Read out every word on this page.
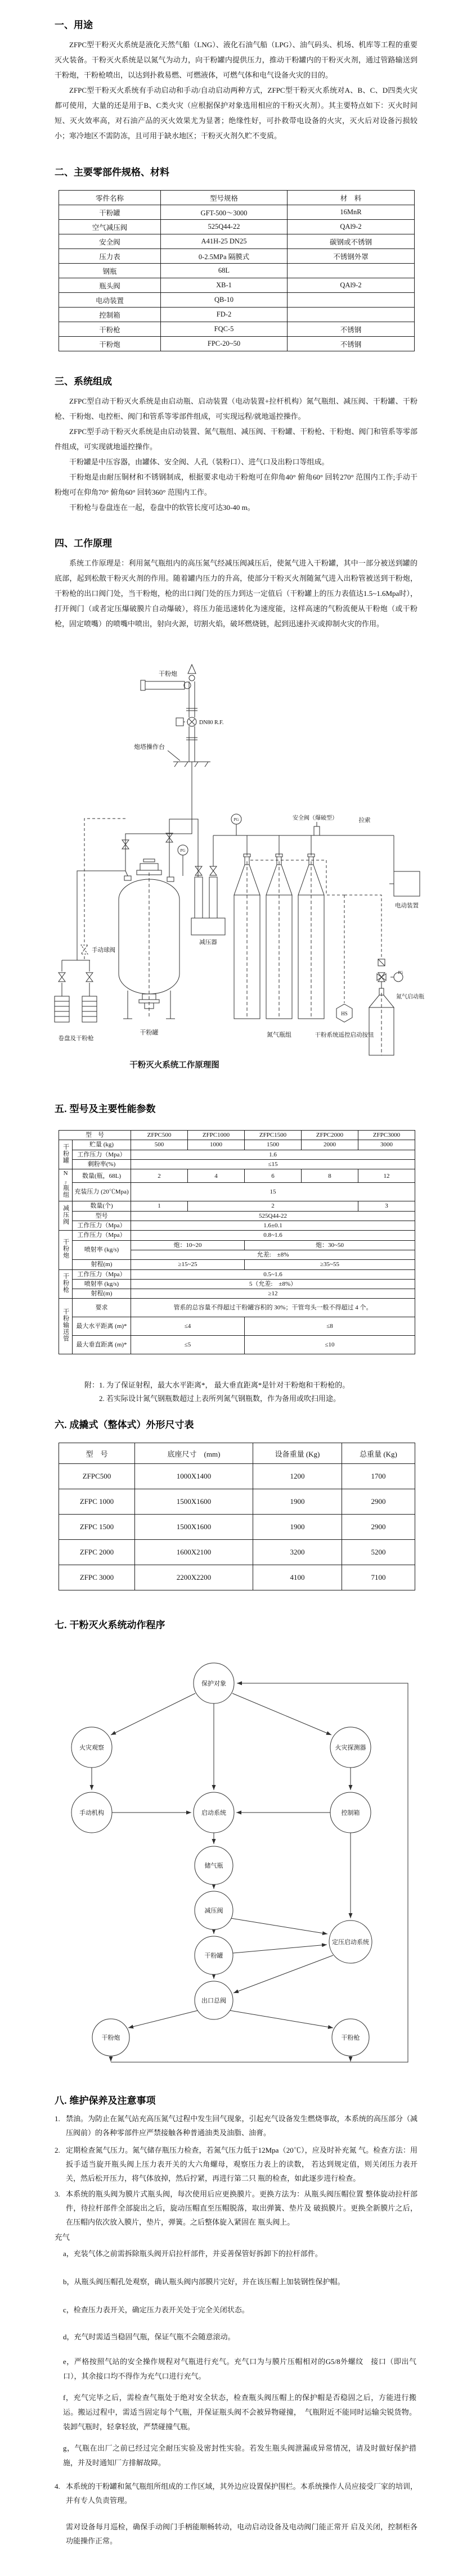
一、用途
ZFPC型干粉灭火系统是液化天然气船（LNG）、液化石油气船（LPG）、油气码头、机场、机库等工程的重要灭火装备。干粉灭火系统是以氮气为动力，向干粉罐内提供压力，推动干粉罐内的干粉灭火剂，通过管路输送到干粉炮，干粉枪喷出，以达到扑救易燃、可燃液体，可燃气体和电气设备火灾的目的。
ZFPC型干粉灭火系统有手动启动和手动/自动启动两种方式，ZFPC型干粉灭火系统对A、B、C、D四类火灾都可使用，大量的还是用于B、C类火灾（应根据保护对象选用相应的干粉灭火剂）。其主要特点如下：灭火时间短、灭火效率高，对石油产品的灭火效果尤为显著；绝缘性好，可扑救带电设备的火灾，灭火后对设备污损较小；寒冷地区不需防冻，且可用于缺水地区；干粉灭火剂久贮不变质。
二、主要零部件规格、材料
零件名称	型号规格	材　料
干粉罐	GFT-500～3000	16MnR
空气减压阀	525Q44-22	QAl9-2
安全阀	A41H-25 DN25	碳钢或不锈钢
压力表	0-2.5MPa 隔膜式	不锈钢外罩
钢瓶	68L	
瓶头阀	XB-1	QAl9-2
电动装置	QB-10	
控制箱	FD-2	
干粉枪	FQC-5	不锈钢
干粉炮	FPC-20~50	不锈钢
三、系统组成
ZFPC型自动干粉灭火系统是由启动瓶、启动装置（电动装置+拉杆机构）氮气瓶组、减压阀、干粉罐、干粉枪、干粉炮、电控柜、阀门和管系等零部件组成，可实现远程/就地遥控操作。
ZFPC型手动干粉灭火系统是由启动装置、氮气瓶组、减压阀、干粉罐、干粉枪、干粉炮、阀门和管系等零部件组成，可实现就地遥控操作。
干粉罐是中压容器，由罐体、安全阀、人孔（装粉口）、进气口及出粉口等组成。
干粉炮是由耐压铜材和不锈钢制成，根据要求电动干粉炮可在仰角40° 俯角60° 回转270° 范围内工作;手动干粉炮可在仰角70° 俯角60° 回转360° 范围内工作。
干粉枪与卷盘连在一起，卷盘中的软管长度可达30-40 m。
四、工作原理
系统工作原理是：利用氮气瓶组内的高压氮气经减压阀减压后，使氮气进入干粉罐，其中一部分被送到罐的底部，起到松散干粉灭火剂的作用。随着罐内压力的升高，使部分干粉灭火剂随氮气进入出粉管被送到干粉炮，干粉枪的出口阀门处，当干粉炮，枪的出口阀门处的压力到达一定值后（干粉罐上的压力表值达1.5~1.6Mpa时），打开阀门（或者定压爆破膜片自动爆破），将压力能迅速转化为速度能，这样高速的气粉流便从干粉炮（或干粉枪，固定喷嘴）的喷嘴中喷出，射向火源，切割火焰，破坏燃烧链，起到迅速扑灭或抑制火灾的作用。
干粉炮
DN80 R.F.
炮塔操作台
手动球阀
卷盘及干粉枪
干粉罐
PG
减压器
PG
氮气瓶组
安全阀（爆破型）	拉索
电动装置
HS
干粉系统遥控启动按钮
PG
氮气启动瓶
干粉灭火系统工作原理图
五. 型号及主要性能参数
型　号		ZFPC500	ZFPC1000	ZFPC1500	ZFPC2000	ZFPC3000
干粉罐	贮量 (kg)	500	1000	1500	2000	3000
	工作压力（Mpa）	1.6				
	剩粉率(%)	≤15				
N₂瓶组	数量(瓶，68L)	2	4	6	8	12
	充装压力 (20℃Mpa)	15				
减压阀	数量(个)	1	2			3
	型号	525Q44-22				
	工作压力（Mpa）	1.6±0.1				
干粉炮	工作压力（Mpa）	0.8~1.6				
	喷射率 (kg/s)	炮：10~20		炮：30~50		
		允差:　±8%				
	射程(m)	≥15~25		≥35~55		
干粉枪	工作压力（Mpa）	0.5~1.6				
	喷射率 (kg/s)	5（允差:　±8%）				
	射程(m)	≥12				
干粉输送管	要求	管系的总容量不得超过干粉罐容积的 30%；干管弯头一般不得超过 4 个。				
	最大水平距离 (m)*	≤4		≤8		
	最大垂直距离 (m)*	≤5		≤10		
附：1. 为了保证射程，最大水平距离*， 最大垂直距离*是针对干粉炮和干粉枪的。
2. 若实际设计氮气钢瓶数超过上表所列氮气钢瓶数，作为备用或吹扫用途。
六. 成撬式（整体式）外形尺寸表
型　号	底座尺寸　(mm)	设备重量 (Kg)	总重量 (Kg)
ZFPC500	1000X1400	1200	1700
ZFPC 1000	1500X1600	1900	2900
ZFPC 1500	1500X1600	1900	2900
ZFPC 2000	1600X2100	3200	5200
ZFPC 3000	2200X2200	4100	7100
七. 干粉灭火系统动作程序
保护对象
火灾观察	火灾探测器
手动机构	启动系统	控制箱
储气瓶
减压阀
干粉罐
定压启动系统
出口总阀
干粉炮	干粉枪
八. 维护保养及注意事项
1. 禁油。为防止在氮气站充高压氮气过程中发生回气现象，引起充气设备发生燃烧事故，本系统的高压部分（减压阀前）的各种零部件应严禁接触各种普通油类及油脂、油膏。
2. 定期检查氮气压力。氮气储存瓶压力检查，若氮气压力低于12Mpa（20℃），应及时补充氮 气。检查方法：用扳手适当旋开瓶头阀上压力表开关的大六角螺母，观察压力表上的读数， 若达到规定值，则关闭压力表开关，然后松开压力，将气体放掉，然后拧紧，再进行第二只 瓶的检查，如此逐步进行检查。
3. 本系统的瓶头阀为膜片式瓶头阀，每次使用后应更换膜片。更换方法为：从瓶头阀压帽位置 整体旋动拉杆部件，待拉杆部件全部旋出之后，旋动压帽直至压帽脱落，取出弹簧、垫片及 破损膜片。更换全新膜片之后，在压帽内依次放入膜片，垫片，弹簧。之后整体旋入紧固在 瓶头阀上。
充气
a，充装气体之前需拆除瓶头阀开启拉杆部件，并妥善保管好拆卸下的拉杆部件。
b，从瓶头阀压帽孔处观察，确认瓶头阀内部膜片完好，并在该压帽上加装钢性保护帽。
c，检查压力表开关，确定压力表开关处于完全关闭状态。
d，充气时需适当稳固气瓶，保证气瓶不会随意滚动。
e，严格按照气站的安全操作规程对气瓶进行充气。充气口为与膜片压帽相对的G5/8外螺纹　接口（即出气口），其余接口均不得作为充气口进行充气。
f，充气完毕之后，需检查气瓶处于绝对安全状态，检查瓶头阀压帽上的保护帽是否稳固之后，方能进行搬运。搬运过程中，需适当固定每个气瓶，并保证瓶头阀不会被异物碰撞，　气瓶附近不能同时运输尖锐货物。装卸气瓶时，轻拿轻放，严禁碰撞气瓶。
g，气瓶在出厂之前已经过完全耐压实验及密封性实验。若发生瓶头阀泄漏或异常情况，请及时做好保护措施，并及时通知厂方排解故障。
4. 本系统的干粉罐和氮气瓶组所组成的工作区域，其外边应设置保护围栏。本系统操作人员应接受厂家的培训，并有专人负责管理。
需对设备每月巡检，确保手动阀门手柄能顺畅转动，电动启动设备及电动阀门能正常开 启及关闭，控制柜各功能操作正常。
